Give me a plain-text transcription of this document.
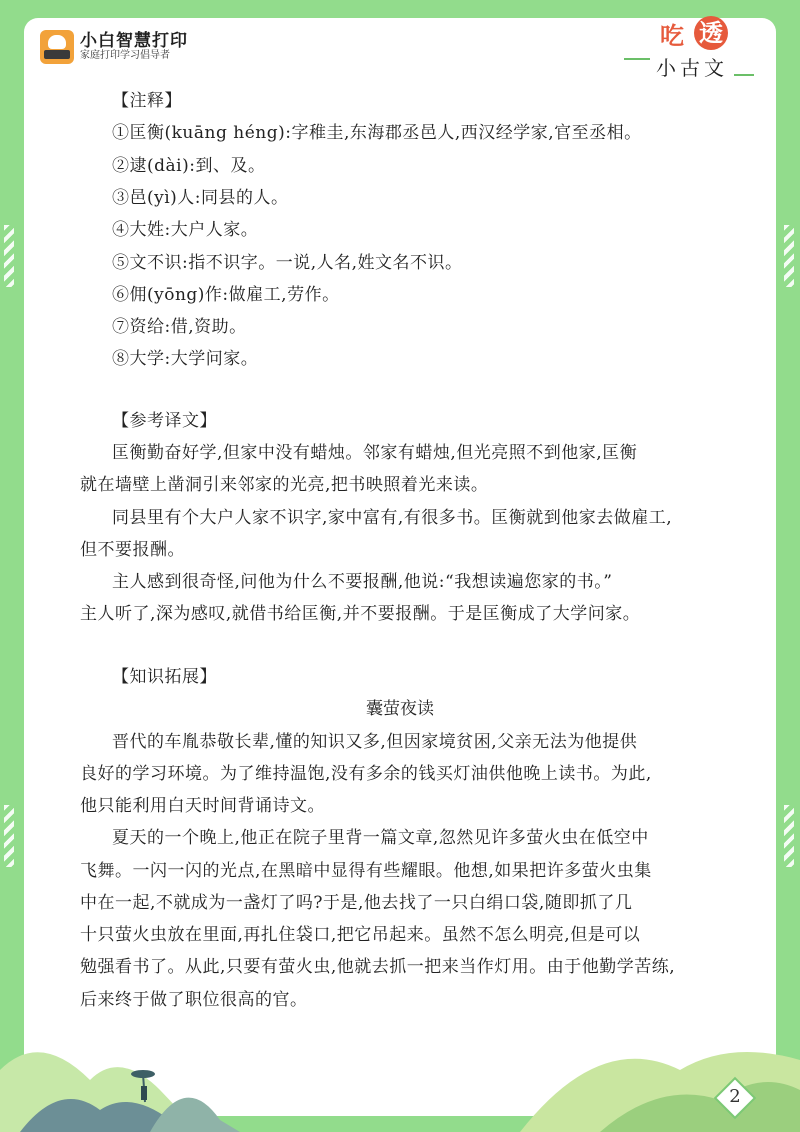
小白智慧打印
家庭打印学习倡导者
吃 透
小古文
【注释】
①匡衡(kuāng héng):字稚圭,东海郡丞邑人,西汉经学家,官至丞相。
②逮(dài):到、及。
③邑(yì)人:同县的人。
④大姓:大户人家。
⑤文不识:指不识字。一说,人名,姓文名不识。
⑥佣(yōng)作:做雇工,劳作。
⑦资给:借,资助。
⑧大学:大学问家。
【参考译文】
匡衡勤奋好学,但家中没有蜡烛。邻家有蜡烛,但光亮照不到他家,匡衡
就在墙壁上凿洞引来邻家的光亮,把书映照着光来读。
同县里有个大户人家不识字,家中富有,有很多书。匡衡就到他家去做雇工,
但不要报酬。
主人感到很奇怪,问他为什么不要报酬,他说:“我想读遍您家的书。”
主人听了,深为感叹,就借书给匡衡,并不要报酬。于是匡衡成了大学问家。
【知识拓展】
囊萤夜读
晋代的车胤恭敬长辈,懂的知识又多,但因家境贫困,父亲无法为他提供
良好的学习环境。为了维持温饱,没有多余的钱买灯油供他晚上读书。为此,
他只能利用白天时间背诵诗文。
夏天的一个晚上,他正在院子里背一篇文章,忽然见许多萤火虫在低空中
飞舞。一闪一闪的光点,在黑暗中显得有些耀眼。他想,如果把许多萤火虫集
中在一起,不就成为一盏灯了吗?于是,他去找了一只白绢口袋,随即抓了几
十只萤火虫放在里面,再扎住袋口,把它吊起来。虽然不怎么明亮,但是可以
勉强看书了。从此,只要有萤火虫,他就去抓一把来当作灯用。由于他勤学苦练,
后来终于做了职位很高的官。
2
